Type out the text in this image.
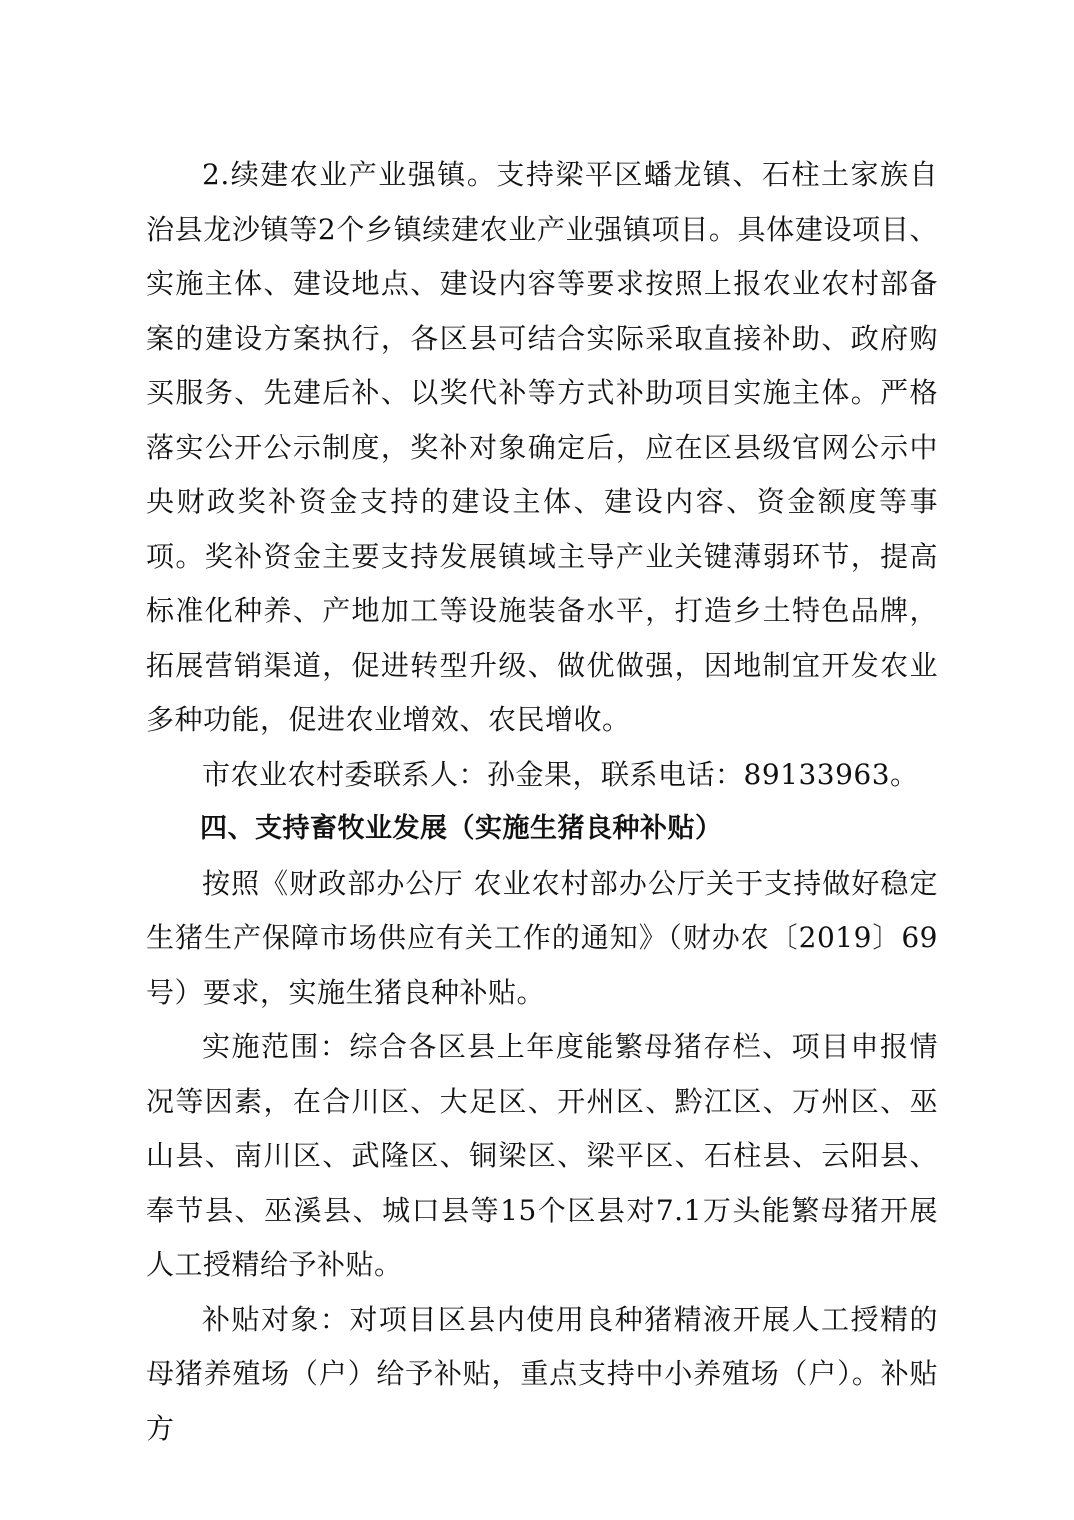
2.续建农业产业强镇。支持梁平区蟠龙镇、石柱土家族自治县龙沙镇等2个乡镇续建农业产业强镇项目。具体建设项目、实施主体、建设地点、建设内容等要求按照上报农业农村部备案的建设方案执行，各区县可结合实际采取直接补助、政府购买服务、先建后补、以奖代补等方式补助项目实施主体。严格落实公开公示制度，奖补对象确定后，应在区县级官网公示中央财政奖补资金支持的建设主体、建设内容、资金额度等事项。奖补资金主要支持发展镇域主导产业关键薄弱环节，提高标准化种养、产地加工等设施装备水平，打造乡土特色品牌，拓展营销渠道，促进转型升级、做优做强，因地制宜开发农业多种功能，促进农业增效、农民增收。

市农业农村委联系人：孙金果，联系电话：89133963。

四、支持畜牧业发展（实施生猪良种补贴）

按照《财政部办公厅 农业农村部办公厅关于支持做好稳定生猪生产保障市场供应有关工作的通知》（财办农〔2019〕69号）要求，实施生猪良种补贴。

实施范围：综合各区县上年度能繁母猪存栏、项目申报情况等因素，在合川区、大足区、开州区、黔江区、万州区、巫山县、南川区、武隆区、铜梁区、梁平区、石柱县、云阳县、奉节县、巫溪县、城口县等15个区县对7.1万头能繁母猪开展人工授精给予补贴。

补贴对象：对项目区县内使用良种猪精液开展人工授精的母猪养殖场（户）给予补贴，重点支持中小养殖场（户）。补贴方
